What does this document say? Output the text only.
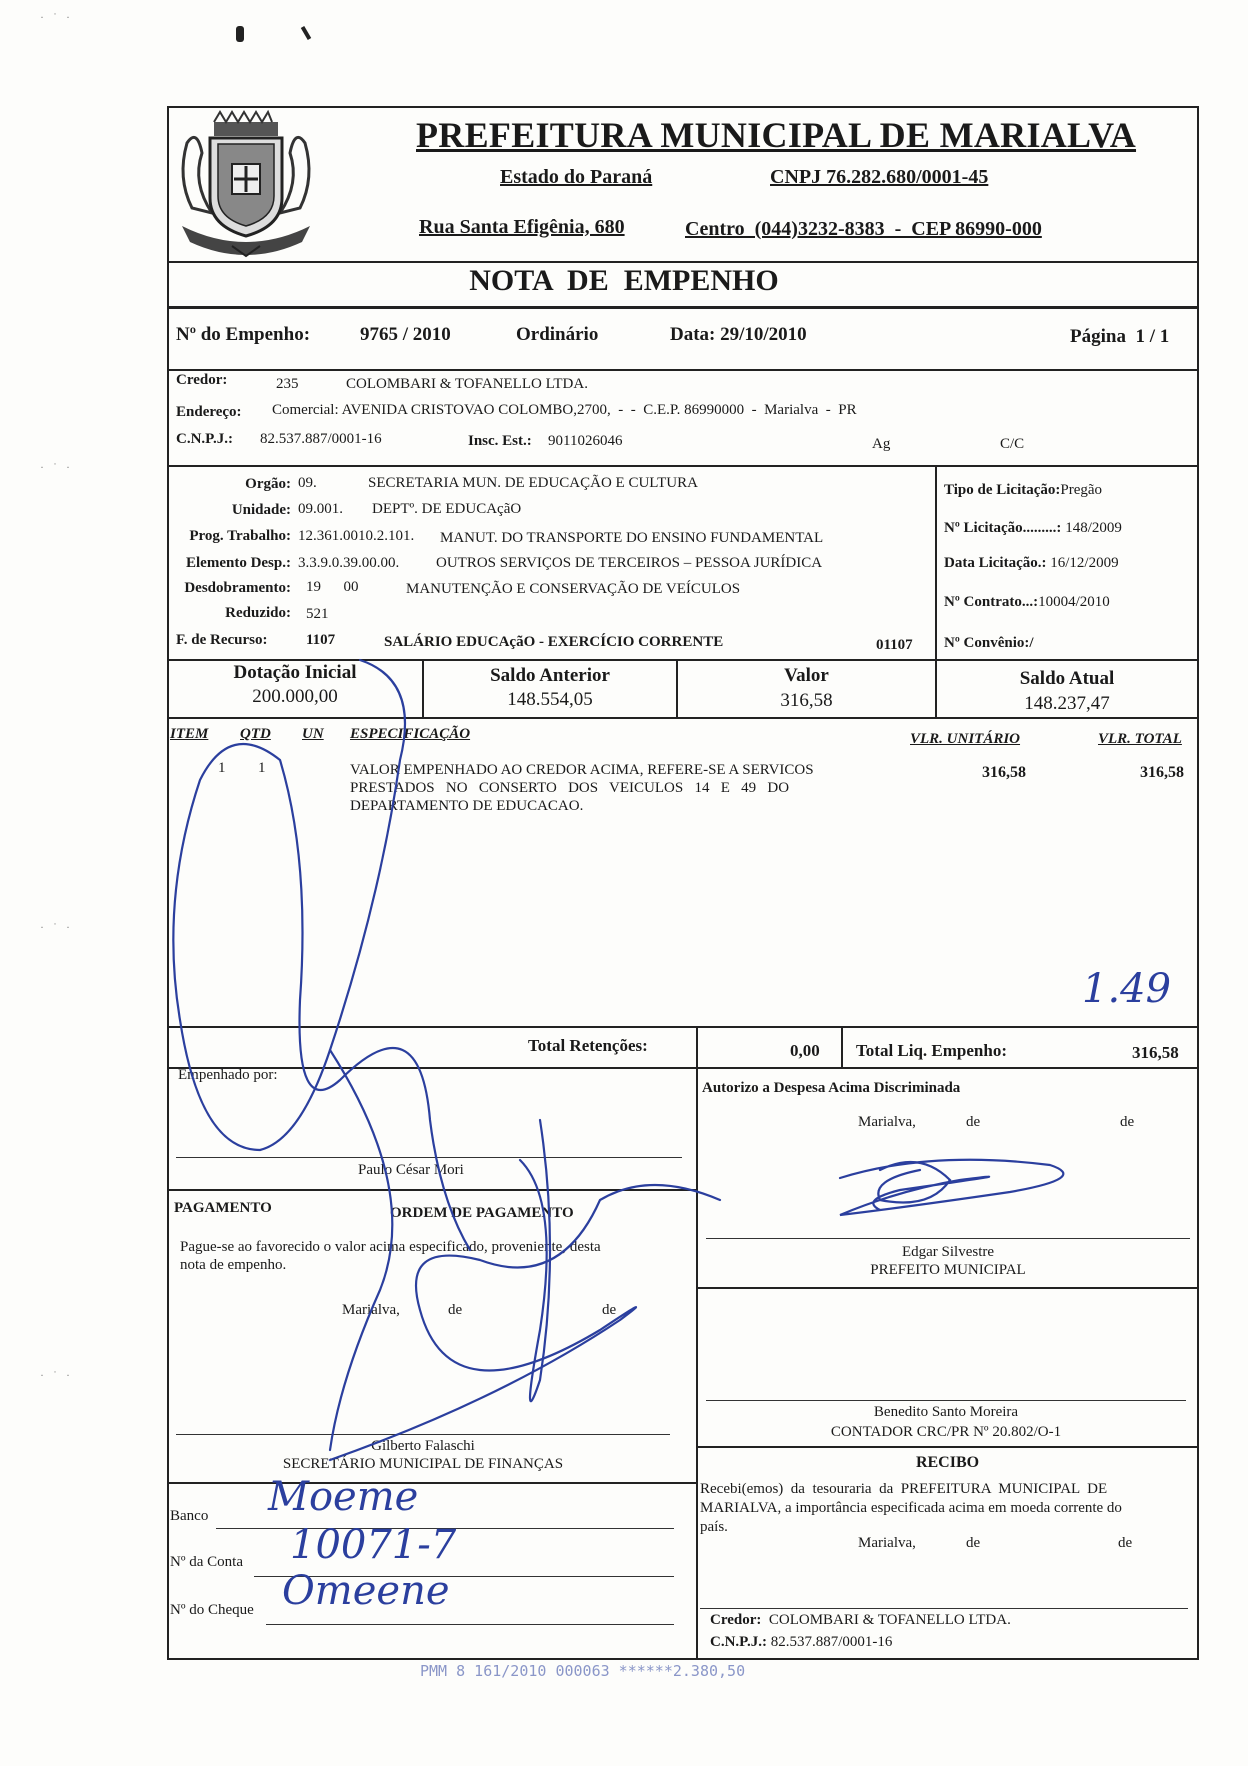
· ˙ ·
· ˙ ·
· ˙ ·
· ˙ ·
PREFEITURA MUNICIPAL DE MARIALVA
Estado do Paraná	CNPJ 76.282.680/0001-45
Rua Santa Efigênia, 680	Centro  (044)3232-8383  -  CEP 86990-000
NOTA  DE  EMPENHO
Nº do Empenho:	9765 / 2010	Ordinário	Data: 29/10/2010	Página  1 / 1
Credor:	235	COLOMBARI & TOFANELLO LTDA.
Endereço: Comercial: AVENIDA CRISTOVAO COLOMBO,2700,  -  -  C.E.P. 86990000  -  Marialva  -  PR
C.N.P.J.: 82.537.887/0001-16	Insc. Est.: 9011026046	Ag	C/C
Orgão: 09.	SECRETARIA MUN. DE EDUCAÇÃO E CULTURA
Unidade: 09.001. DEPTº. DE EDUCAçãO
Prog. Trabalho: 12.361.0010.2.101. MANUT. DO TRANSPORTE DO ENSINO FUNDAMENTAL
Elemento Desp.: 3.3.9.0.39.00.00. OUTROS SERVIÇOS DE TERCEIROS – PESSOA JURÍDICA
Desdobramento: 19      00	MANUTENÇÃO E CONSERVAÇÃO DE VEÍCULOS
Reduzido: 521
F. de Recurso:	1107	SALÁRIO EDUCAçãO - EXERCÍCIO CORRENTE	01107
Tipo de Licitação:Pregão
Nº Licitação.........: 148/2009
Data Licitação.: 16/12/2009
Nº Contrato...:10004/2010
Nº Convênio:/
Dotação Inicial
200.000,00
Saldo Anterior
148.554,05
Valor
316,58
Saldo Atual
148.237,47
ITEM QTD UN ESPECIFICAÇÃO	VLR. UNITÁRIO	VLR. TOTAL
1 1	VALOR EMPENHADO AO CREDOR ACIMA, REFERE-SE A SERVICOS
PRESTADOS   NO   CONSERTO   DOS   VEICULOS   14   E   49   DO
DEPARTAMENTO DE EDUCACAO.
316,58	316,58
1.49
Total Retenções:	0,00 Total Liq. Empenho:	316,58
Empenhado por:
Paulo César Mori
Autorizo a Despesa Acima Discriminada
Marialva,	de	de
Edgar Silvestre
PREFEITO MUNICIPAL
PAGAMENTO	ORDEM DE PAGAMENTO
Pague-se ao favorecido o valor acima especificado, proveniente, desta
nota de empenho.
Marialva,	de	de
Gilberto Falaschi
SECRETÁRIO MUNICIPAL DE FINANÇAS
Benedito Santo Moreira
CONTADOR CRC/PR Nº 20.802/O-1
RECIBO
Recebi(emos)  da  tesouraria  da  PREFEITURA  MUNICIPAL  DE
MARIALVA, a importância especificada acima em moeda corrente do
país.
Marialva,	de	de
Credor: COLOMBARI & TOFANELLO LTDA.
C.N.P.J.: 82.537.887/0001-16
Banco Moeme
Nº da Conta 10071-7
Nº do Cheque Omeene
PMM 8 161/2010 000063 ******2.380,50
